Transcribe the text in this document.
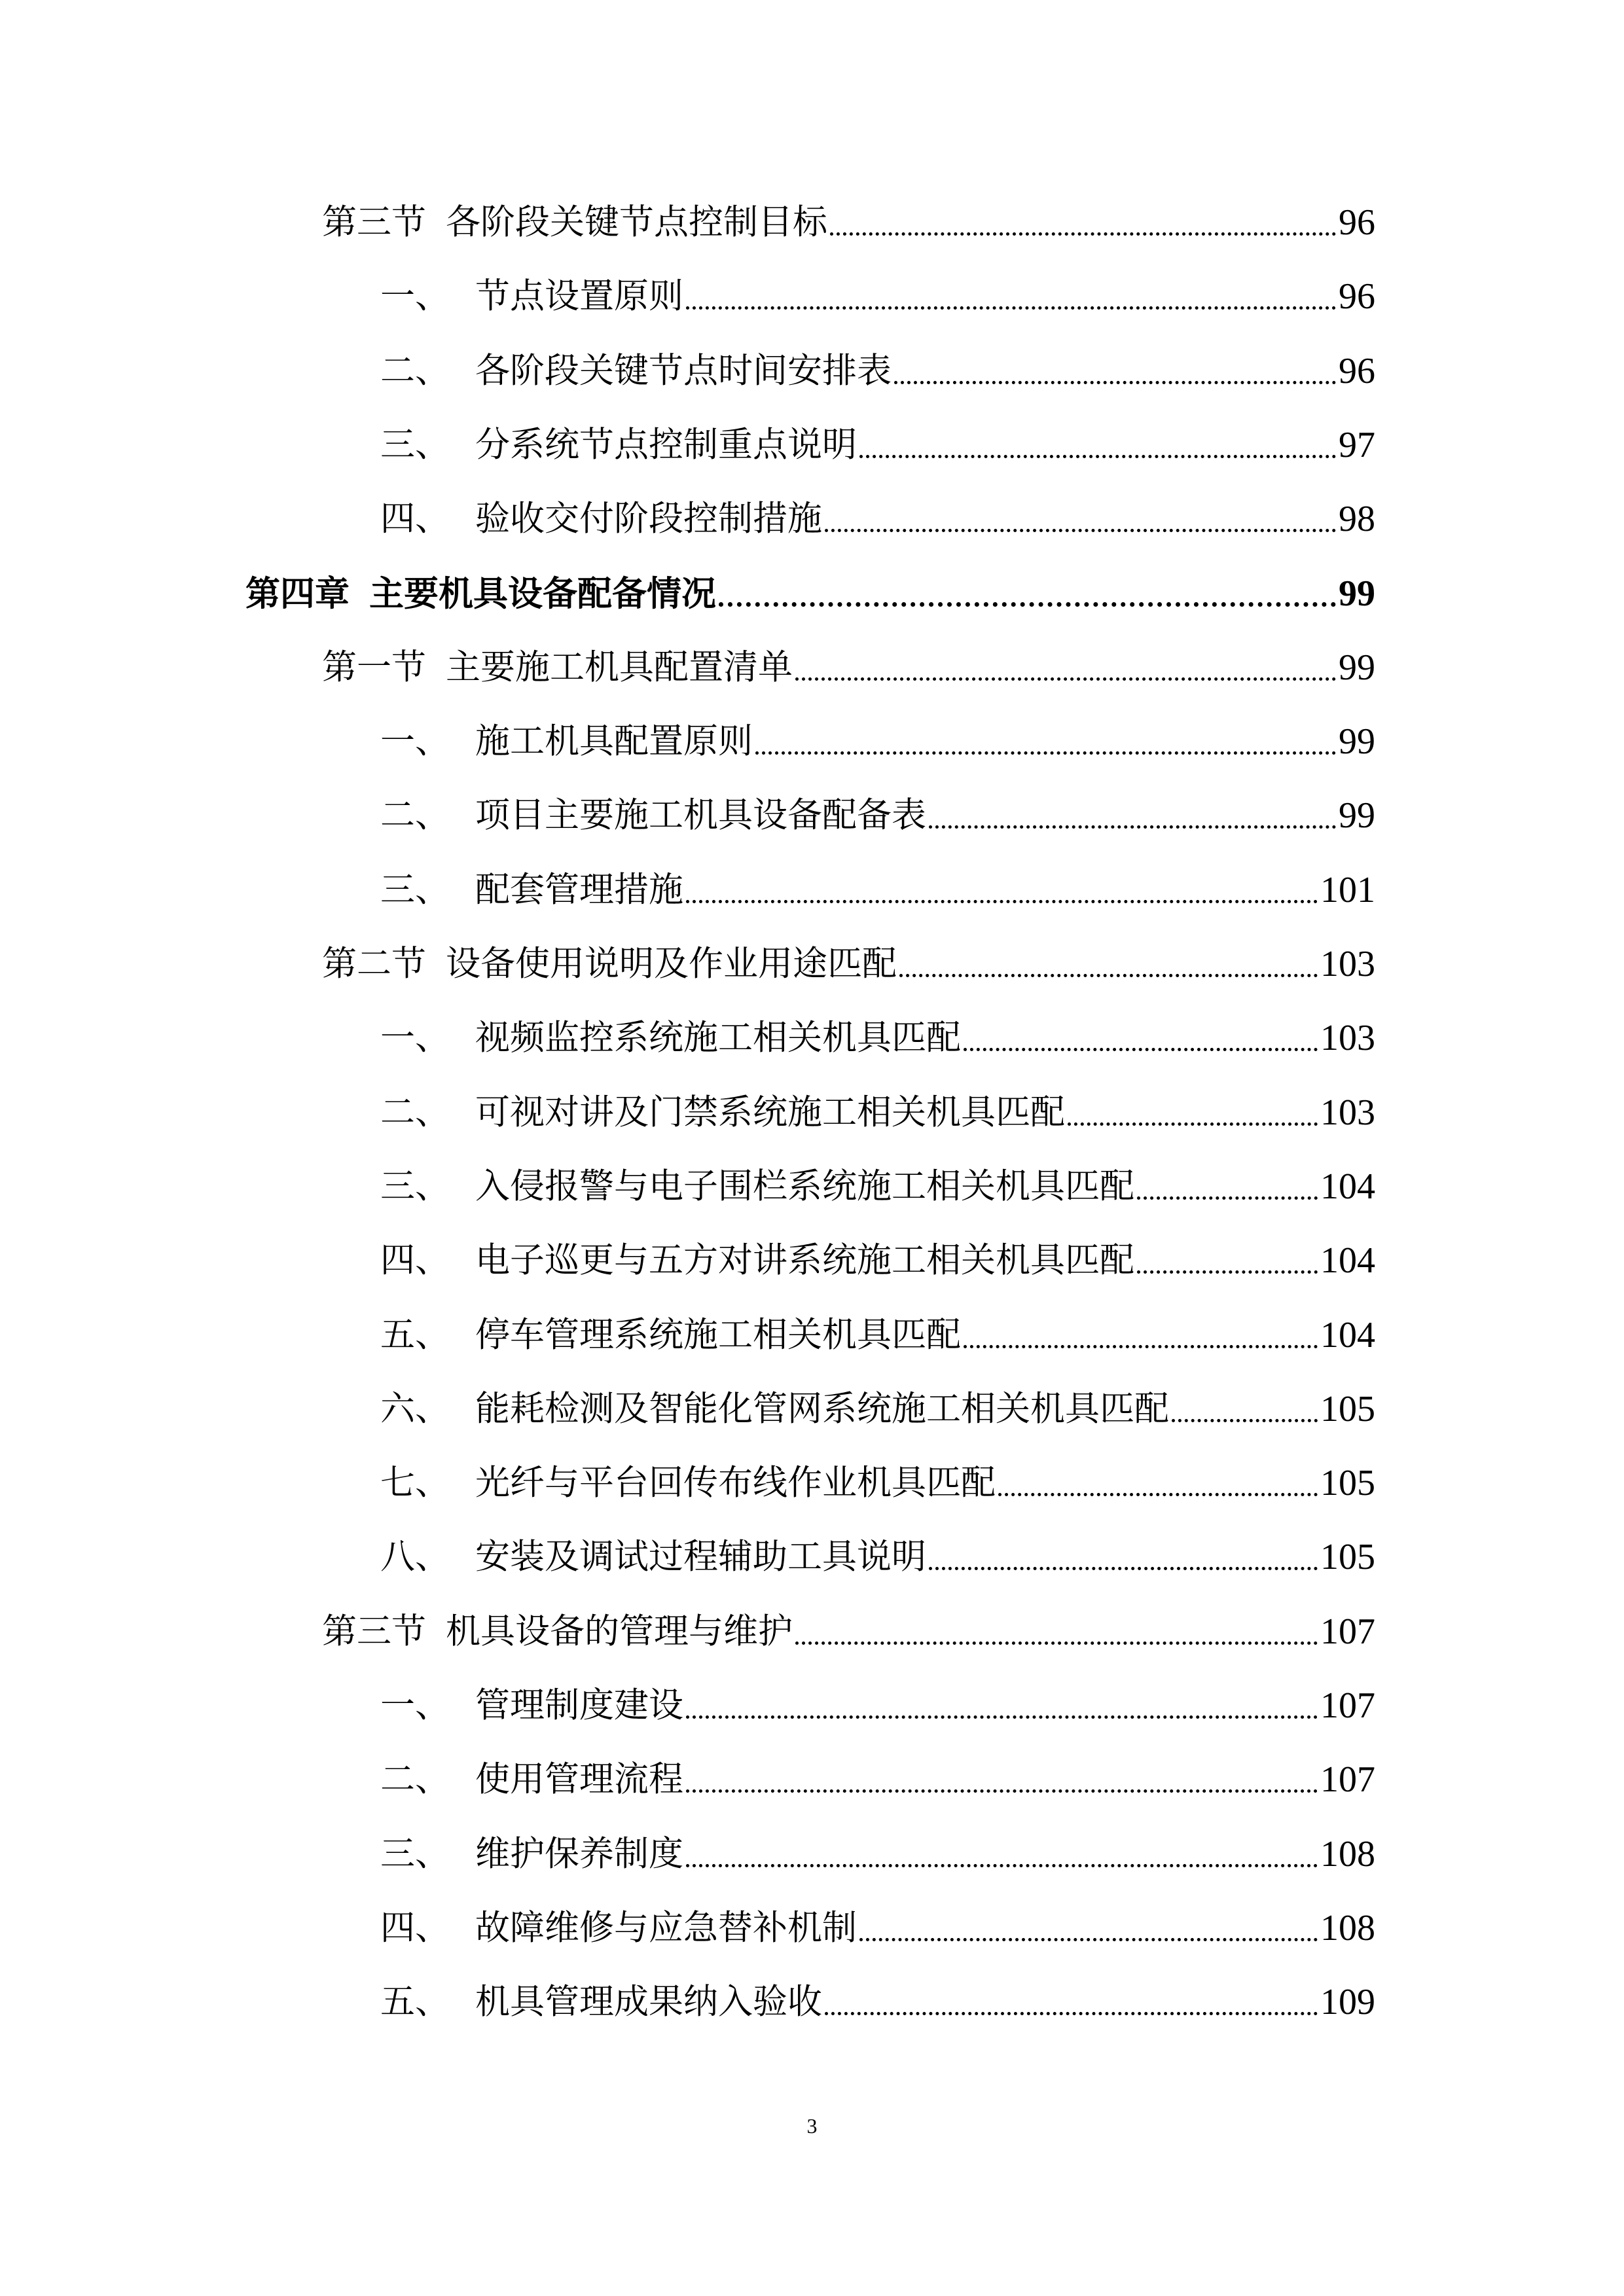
第三节 各阶段关键节点控制目标	96
一、 节点设置原则	96
二、 各阶段关键节点时间安排表	96
三、 分系统节点控制重点说明	97
四、 验收交付阶段控制措施	98
第四章 主要机具设备配备情况	99
第一节 主要施工机具配置清单	99
一、 施工机具配置原则	99
二、 项目主要施工机具设备配备表	99
三、 配套管理措施	101
第二节 设备使用说明及作业用途匹配	103
一、 视频监控系统施工相关机具匹配	103
二、 可视对讲及门禁系统施工相关机具匹配	103
三、 入侵报警与电子围栏系统施工相关机具匹配	104
四、 电子巡更与五方对讲系统施工相关机具匹配	104
五、 停车管理系统施工相关机具匹配	104
六、 能耗检测及智能化管网系统施工相关机具匹配	105
七、 光纤与平台回传布线作业机具匹配	105
八、 安装及调试过程辅助工具说明	105
第三节 机具设备的管理与维护	107
一、 管理制度建设	107
二、 使用管理流程	107
三、 维护保养制度	108
四、 故障维修与应急替补机制	108
五、 机具管理成果纳入验收	109
3
